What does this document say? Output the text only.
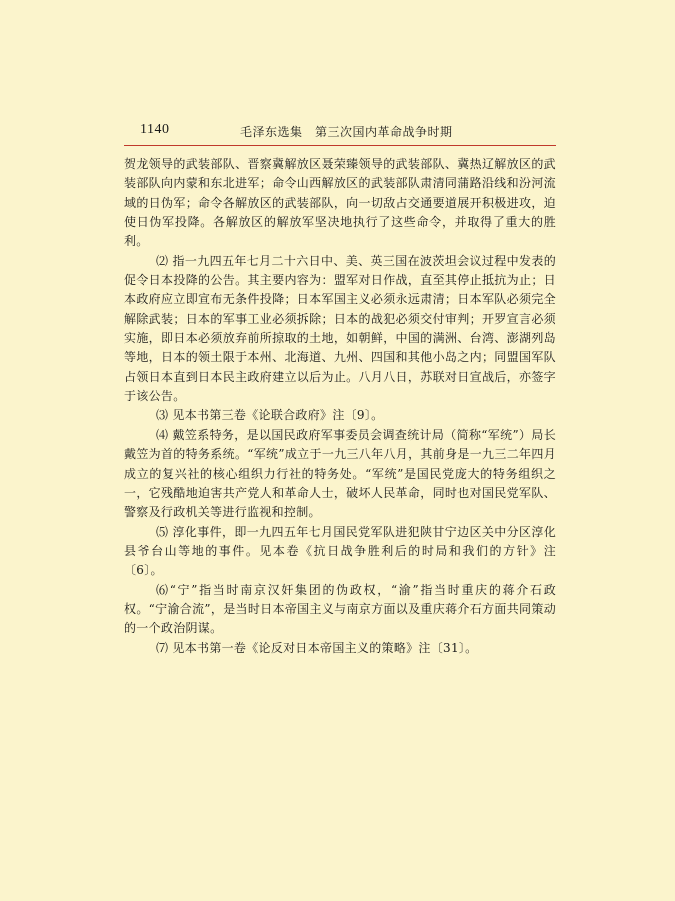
1140	毛泽东选集　第三次国内革命战争时期

贺龙领导的武装部队、晋察冀解放区聂荣臻领导的武装部队、冀热辽解放区的武装部队向内蒙和东北进军；命令山西解放区的武装部队肃清同蒲路沿线和汾河流域的日伪军；命令各解放区的武装部队，向一切敌占交通要道展开积极进攻，迫使日伪军投降。各解放区的解放军坚决地执行了这些命令，并取得了重大的胜利。

⑵ 指一九四五年七月二十六日中、美、英三国在波茨坦会议过程中发表的促令日本投降的公告。其主要内容为：盟军对日作战，直至其停止抵抗为止；日本政府应立即宣布无条件投降；日本军国主义必须永远肃清；日本军队必须完全解除武装；日本的军事工业必须拆除；日本的战犯必须交付审判；开罗宣言必须实施，即日本必须放弃前所掠取的土地，如朝鲜，中国的满洲、台湾、澎湖列岛等地，日本的领土限于本州、北海道、九州、四国和其他小岛之内；同盟国军队占领日本直到日本民主政府建立以后为止。八月八日，苏联对日宣战后，亦签字于该公告。

⑶ 见本书第三卷《论联合政府》注〔9〕。

⑷ 戴笠系特务，是以国民政府军事委员会调查统计局（简称“军统”）局长戴笠为首的特务系统。“军统”成立于一九三八年八月，其前身是一九三二年四月成立的复兴社的核心组织力行社的特务处。“军统”是国民党庞大的特务组织之一，它残酷地迫害共产党人和革命人士，破坏人民革命，同时也对国民党军队、警察及行政机关等进行监视和控制。

⑸ 淳化事件，即一九四五年七月国民党军队进犯陕甘宁边区关中分区淳化县爷台山等地的事件。见本卷《抗日战争胜利后的时局和我们的方针》注〔6〕。

⑹“宁”指当时南京汉奸集团的伪政权，“渝”指当时重庆的蒋介石政权。“宁渝合流”，是当时日本帝国主义与南京方面以及重庆蒋介石方面共同策动的一个政治阴谋。

⑺ 见本书第一卷《论反对日本帝国主义的策略》注〔31〕。
